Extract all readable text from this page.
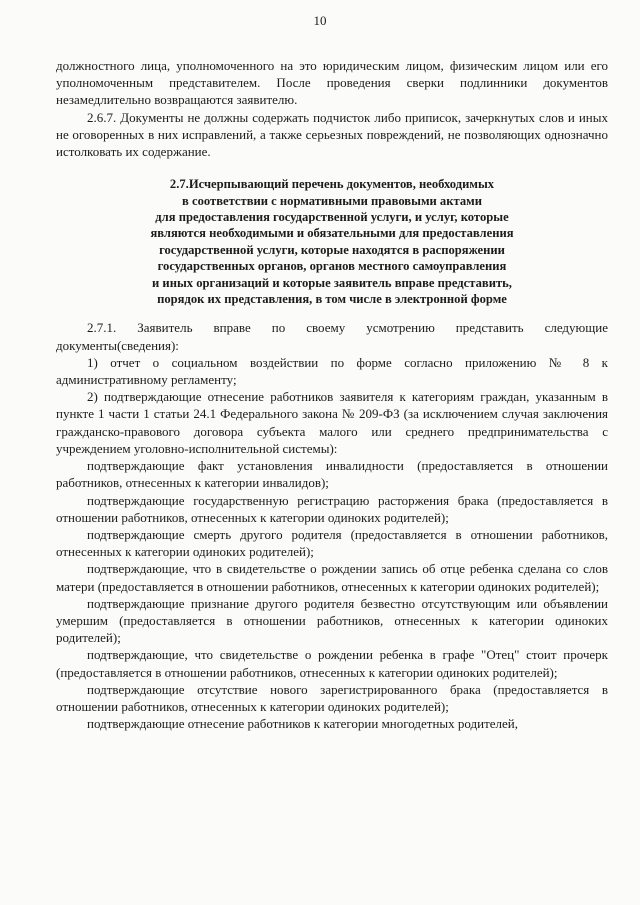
10

должностного лица, уполномоченного на это юридическим лицом, физическим лицом или его уполномоченным представителем. После проведения сверки подлинники документов незамедлительно возвращаются заявителю.

2.6.7. Документы не должны содержать подчисток либо приписок, зачеркнутых слов и иных не оговоренных в них исправлений, а также серьезных повреждений, не позволяющих однозначно истолковать их содержание.

2.7.Исчерпывающий перечень документов, необходимых
в соответствии с нормативными правовыми актами
для предоставления государственной услуги, и услуг, которые
являются необходимыми и обязательными для предоставления
государственной услуги, которые находятся в распоряжении
государственных органов, органов местного самоуправления
и иных организаций и которые заявитель вправе представить,
порядок их представления, в том числе в электронной форме

2.7.1. Заявитель вправе по своему усмотрению представить следующие документы(сведения):

1) отчет о социальном воздействии по форме согласно приложению № 8 к административному регламенту;

2) подтверждающие отнесение работников заявителя к категориям граждан, указанным в пункте 1 части 1 статьи 24.1 Федерального закона № 209-ФЗ (за исключением случая заключения гражданско-правового договора субъекта малого или среднего предпринимательства с учреждением уголовно-исполнительной системы):

подтверждающие факт установления инвалидности (предоставляется в отношении работников, отнесенных к категории инвалидов);

подтверждающие государственную регистрацию расторжения брака (предоставляется в отношении работников, отнесенных к категории одиноких родителей);

подтверждающие смерть другого родителя (предоставляется в отношении работников, отнесенных к категории одиноких родителей);

подтверждающие, что в свидетельстве о рождении запись об отце ребенка сделана со слов матери (предоставляется в отношении работников, отнесенных к категории одиноких родителей);

подтверждающие признание другого родителя безвестно отсутствующим или объявлении умершим (предоставляется в отношении работников, отнесенных к категории одиноких родителей);

подтверждающие, что свидетельстве о рождении ребенка в графе "Отец" стоит прочерк (предоставляется в отношении работников, отнесенных к категории одиноких родителей);

подтверждающие отсутствие нового зарегистрированного брака (предоставляется в отношении работников, отнесенных к категории одиноких родителей);

подтверждающие отнесение работников к категории многодетных родителей,
